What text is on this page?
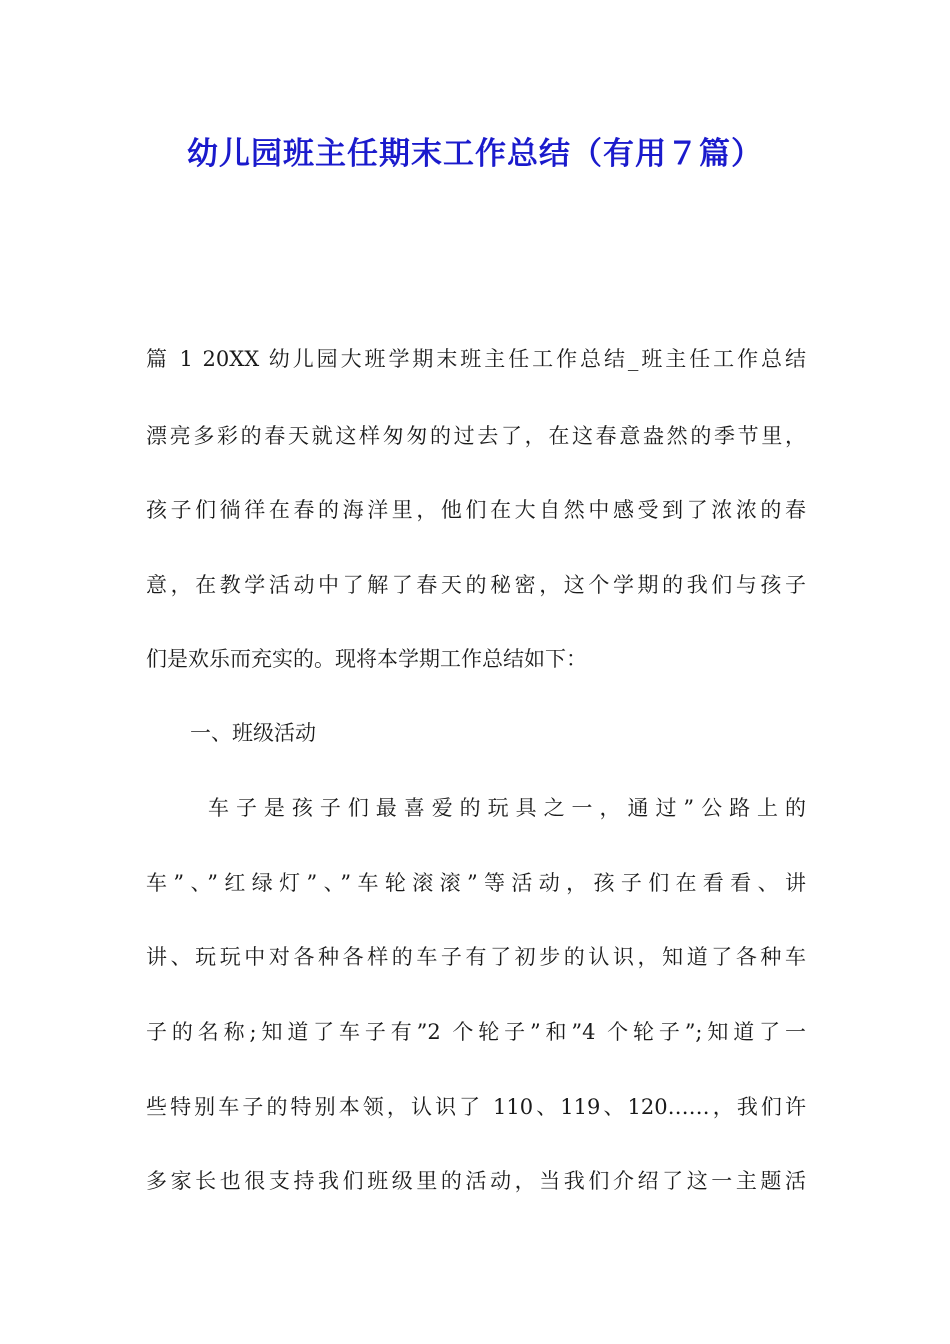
幼儿园班主任期末工作总结（有用７篇）
篇 1 20XX 幼儿园大班学期末班主任工作总结_班主任工作总结
漂亮多彩的春天就这样匆匆的过去了，在这春意盎然的季节里，
孩子们徜徉在春的海洋里，他们在大自然中感受到了浓浓的春
意，在教学活动中了解了春天的秘密，这个学期的我们与孩子
们是欢乐而充实的。现将本学期工作总结如下：
一、班级活动
车子是孩子们最喜爱的玩具之一，通过”公路上的
车”、”红绿灯”、”车轮滚滚”等活动，孩子们在看看、讲
讲、玩玩中对各种各样的车子有了初步的认识，知道了各种车
子的名称;知道了车子有”2 个轮子”和”4 个轮子”;知道了一
些特别车子的特别本领，认识了 110、119、120……，我们许
多家长也很支持我们班级里的活动，当我们介绍了这一主题活
